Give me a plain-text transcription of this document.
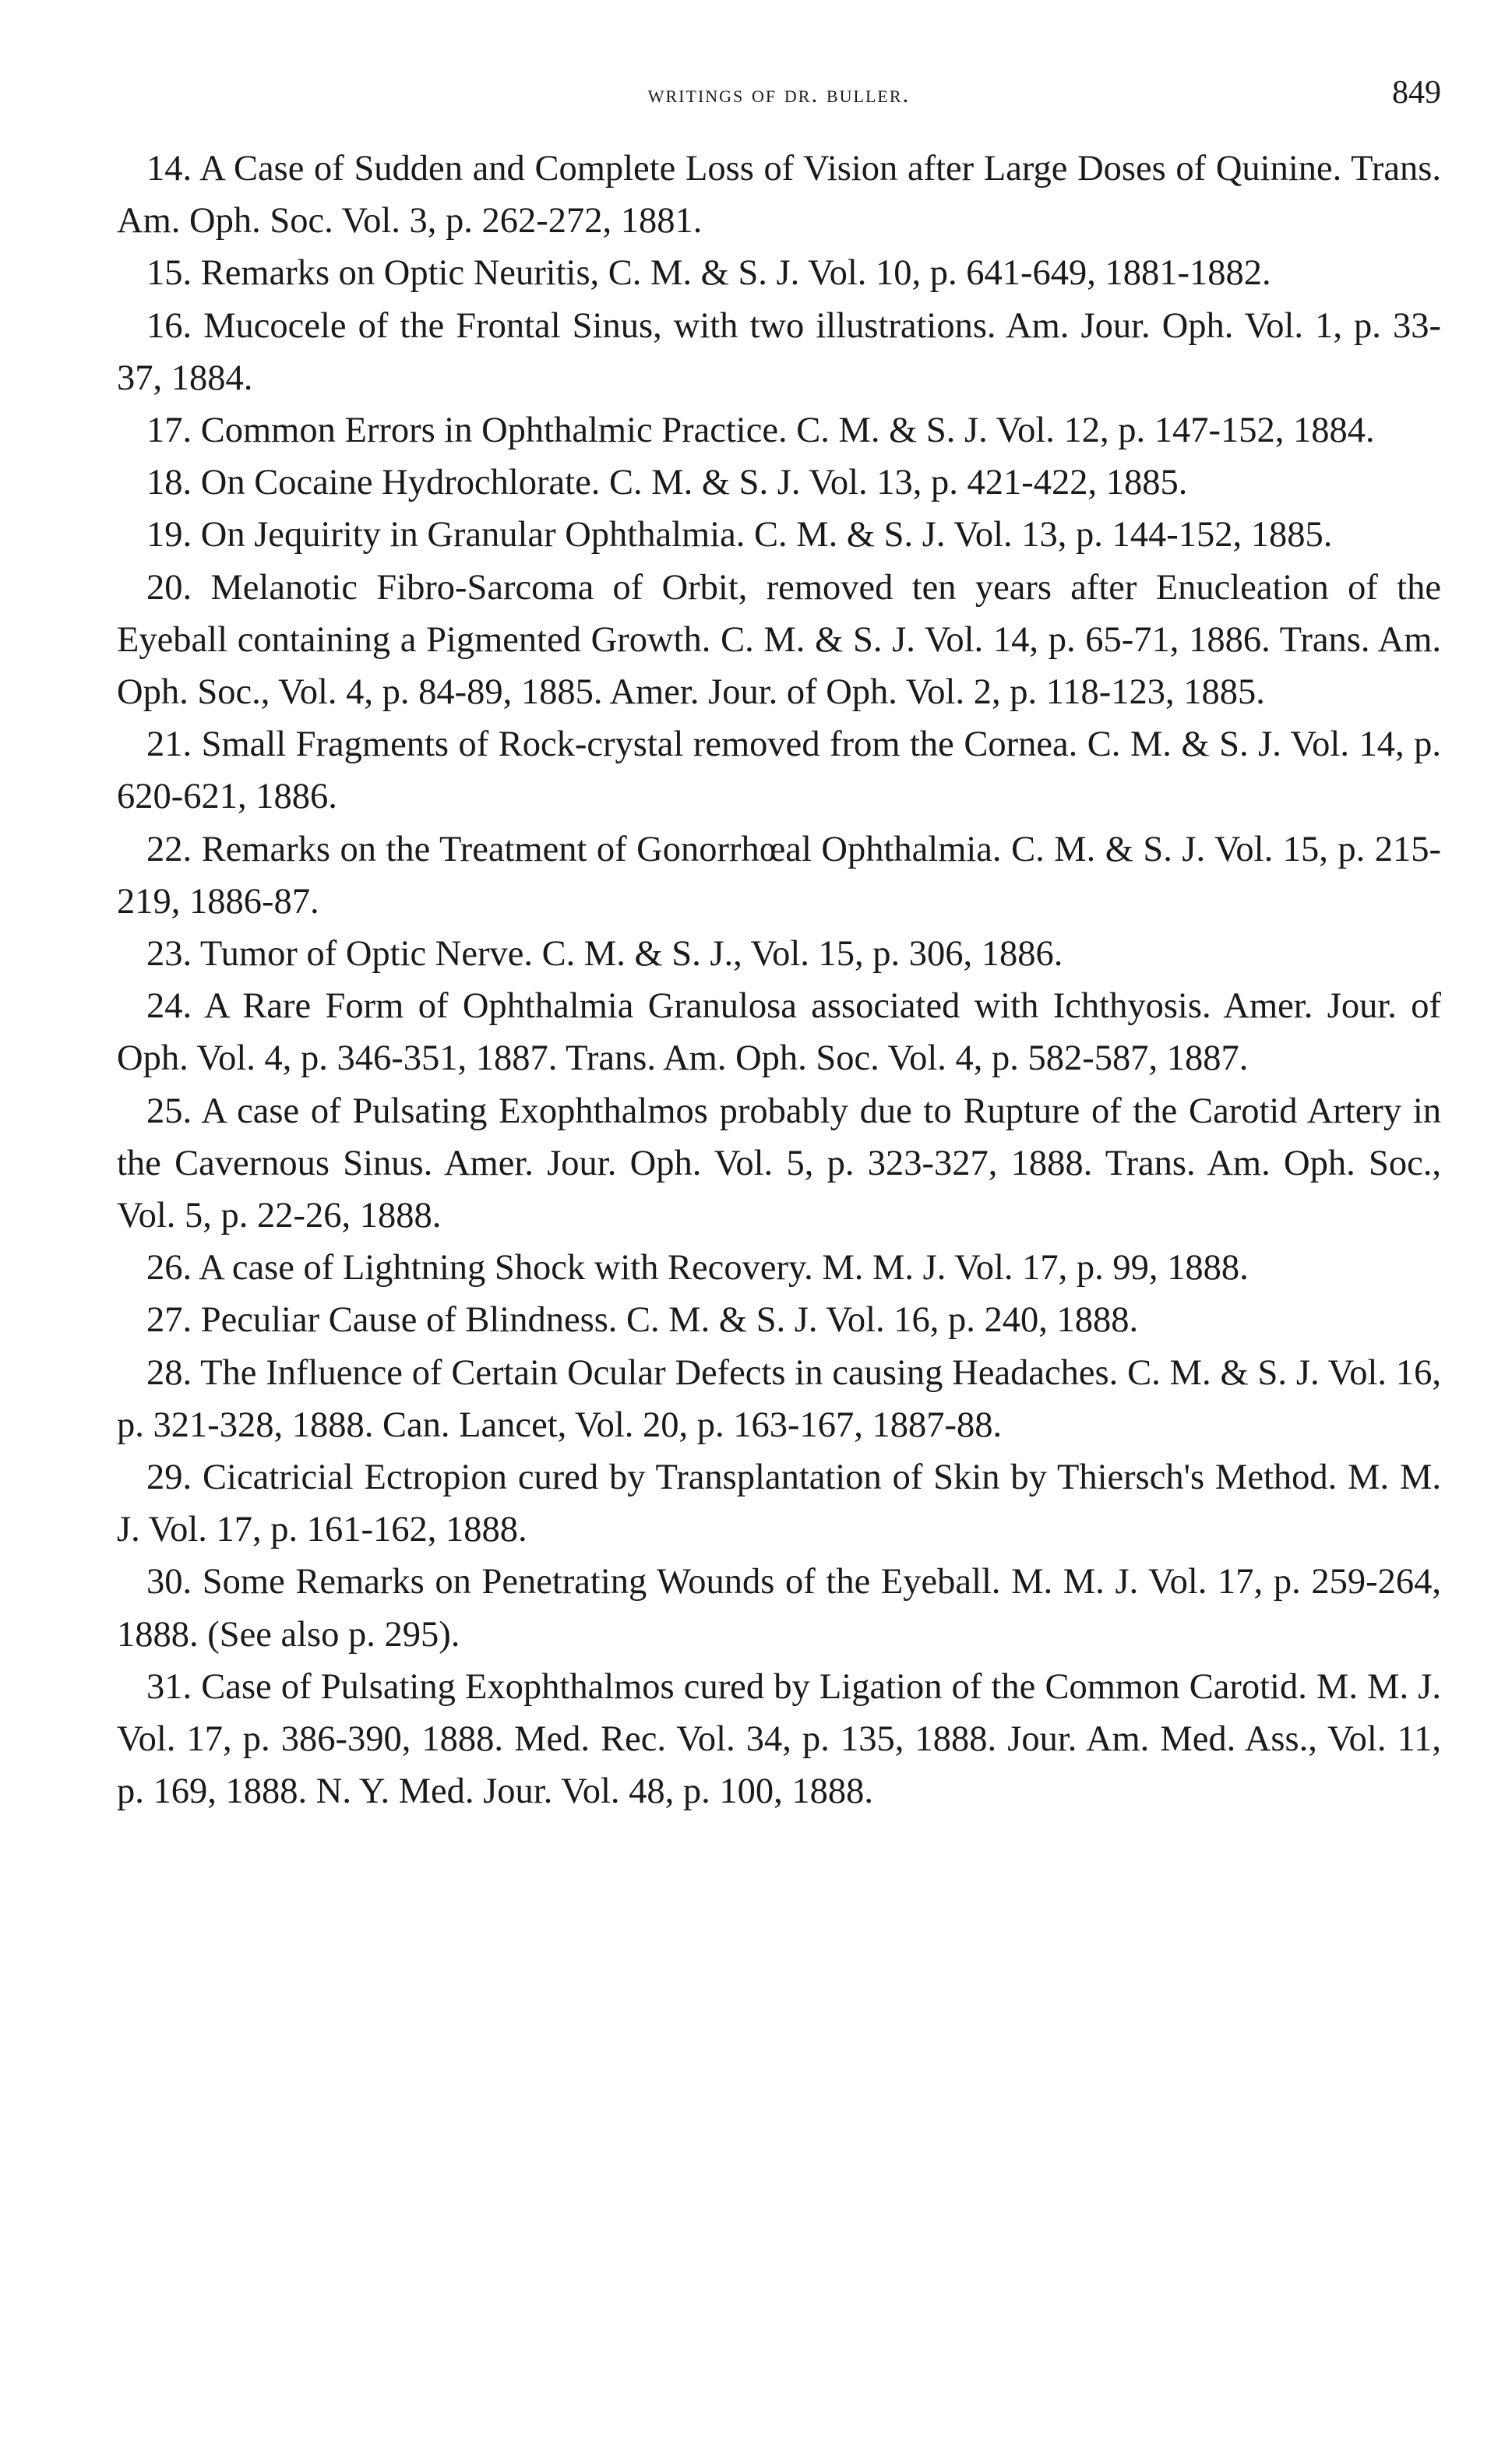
writings of dr. buller.	849

14. A Case of Sudden and Complete Loss of Vision after Large Doses of Quinine. Trans. Am. Oph. Soc. Vol. 3, p. 262-272, 1881.

15. Remarks on Optic Neuritis, C. M. & S. J. Vol. 10, p. 641-649, 1881-1882.

16. Mucocele of the Frontal Sinus, with two illustrations. Am. Jour. Oph. Vol. 1, p. 33-37, 1884.

17. Common Errors in Ophthalmic Practice. C. M. & S. J. Vol. 12, p. 147-152, 1884.

18. On Cocaine Hydrochlorate. C. M. & S. J. Vol. 13, p. 421-422, 1885.

19. On Jequirity in Granular Ophthalmia. C. M. & S. J. Vol. 13, p. 144-152, 1885.

20. Melanotic Fibro-Sarcoma of Orbit, removed ten years after Enucleation of the Eyeball containing a Pigmented Growth. C. M. & S. J. Vol. 14, p. 65-71, 1886. Trans. Am. Oph. Soc., Vol. 4, p. 84-89, 1885. Amer. Jour. of Oph. Vol. 2, p. 118-123, 1885.

21. Small Fragments of Rock-crystal removed from the Cornea. C. M. & S. J. Vol. 14, p. 620-621, 1886.

22. Remarks on the Treatment of Gonorrhœal Ophthalmia. C. M. & S. J. Vol. 15, p. 215-219, 1886-87.

23. Tumor of Optic Nerve. C. M. & S. J., Vol. 15, p. 306, 1886.

24. A Rare Form of Ophthalmia Granulosa associated with Ichthyosis. Amer. Jour. of Oph. Vol. 4, p. 346-351, 1887. Trans. Am. Oph. Soc. Vol. 4, p. 582-587, 1887.

25. A case of Pulsating Exophthalmos probably due to Rupture of the Carotid Artery in the Cavernous Sinus. Amer. Jour. Oph. Vol. 5, p. 323-327, 1888. Trans. Am. Oph. Soc., Vol. 5, p. 22-26, 1888.

26. A case of Lightning Shock with Recovery. M. M. J. Vol. 17, p. 99, 1888.

27. Peculiar Cause of Blindness. C. M. & S. J. Vol. 16, p. 240, 1888.

28. The Influence of Certain Ocular Defects in causing Headaches. C. M. & S. J. Vol. 16, p. 321-328, 1888. Can. Lancet, Vol. 20, p. 163-167, 1887-88.

29. Cicatricial Ectropion cured by Transplantation of Skin by Thiersch's Method. M. M. J. Vol. 17, p. 161-162, 1888.

30. Some Remarks on Penetrating Wounds of the Eyeball. M. M. J. Vol. 17, p. 259-264, 1888. (See also p. 295).

31. Case of Pulsating Exophthalmos cured by Ligation of the Common Carotid. M. M. J. Vol. 17, p. 386-390, 1888. Med. Rec. Vol. 34, p. 135, 1888. Jour. Am. Med. Ass., Vol. 11, p. 169, 1888. N. Y. Med. Jour. Vol. 48, p. 100, 1888.
